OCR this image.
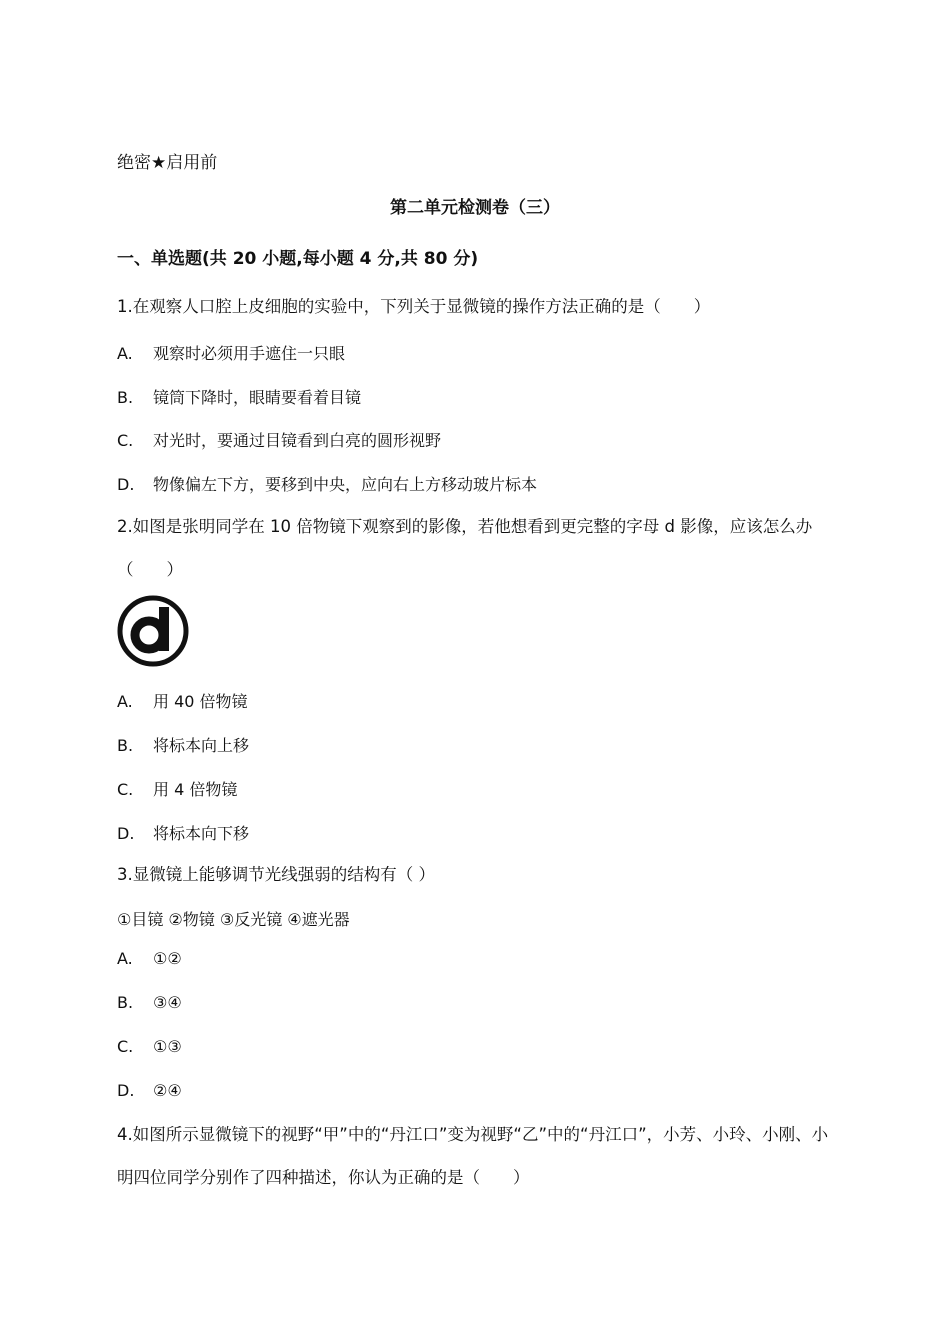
绝密★启用前
第二单元检测卷（三）
一、单选题(共 20 小题,每小题 4 分,共 80 分)
1.在观察人口腔上皮细胞的实验中，下列关于显微镜的操作方法正确的是（　　）
A. 观察时必须用手遮住一只眼
B. 镜筒下降时，眼睛要看着目镜
C. 对光时，要通过目镜看到白亮的圆形视野
D. 物像偏左下方，要移到中央，应向右上方移动玻片标本
2.如图是张明同学在 10 倍物镜下观察到的影像，若他想看到更完整的字母 d 影像，应该怎么办（　　）
A. 用 40 倍物镜
B. 将标本向上移
C. 用 4 倍物镜
D. 将标本向下移
3.显微镜上能够调节光线强弱的结构有（ ）
①目镜 ②物镜 ③反光镜 ④遮光器
A. ①②
B. ③④
C. ①③
D. ②④
4.如图所示显微镜下的视野“甲”中的“丹江口”变为视野“乙”中的“丹江口”，小芳、小玲、小刚、小明四位同学分别作了四种描述，你认为正确的是（　　）
